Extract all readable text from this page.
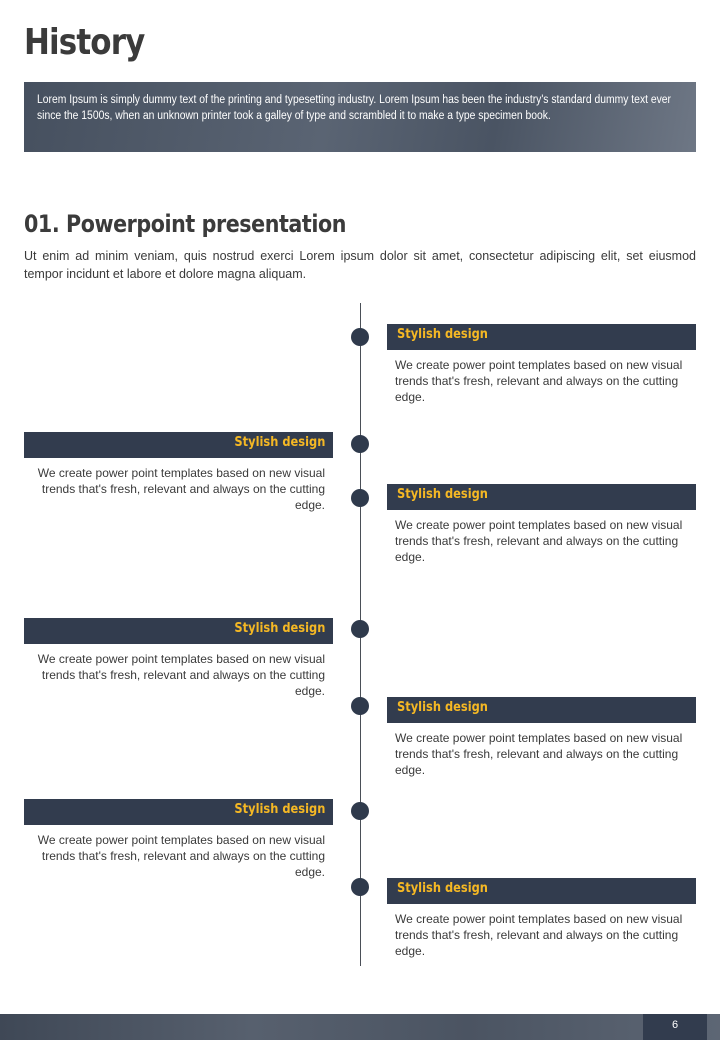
History
Lorem Ipsum is simply dummy text of the printing and typesetting industry. Lorem Ipsum has been the industry's standard dummy text ever since the 1500s, when an unknown printer took a galley of type and scrambled it to make a type specimen book.
01. Powerpoint presentation
Ut enim ad minim veniam, quis nostrud exerci Lorem ipsum dolor sit amet, consectetur adipiscing elit, set eiusmod tempor incidunt et labore et dolore magna aliquam.
Stylish design
We create power point templates based on new visual trends that's fresh, relevant and always on the cutting edge.
Stylish design
We create power point templates based on new visual trends that's fresh, relevant and always on the cutting edge.
Stylish design
We create power point templates based on new visual trends that's fresh, relevant and always on the cutting edge.
Stylish design
We create power point templates based on new visual trends that's fresh, relevant and always on the cutting edge.
Stylish design
We create power point templates based on new visual trends that's fresh, relevant and always on the cutting edge.
Stylish design
We create power point templates based on new visual trends that's fresh, relevant and always on the cutting edge.
Stylish design
We create power point templates based on new visual trends that's fresh, relevant and always on the cutting edge.
6
